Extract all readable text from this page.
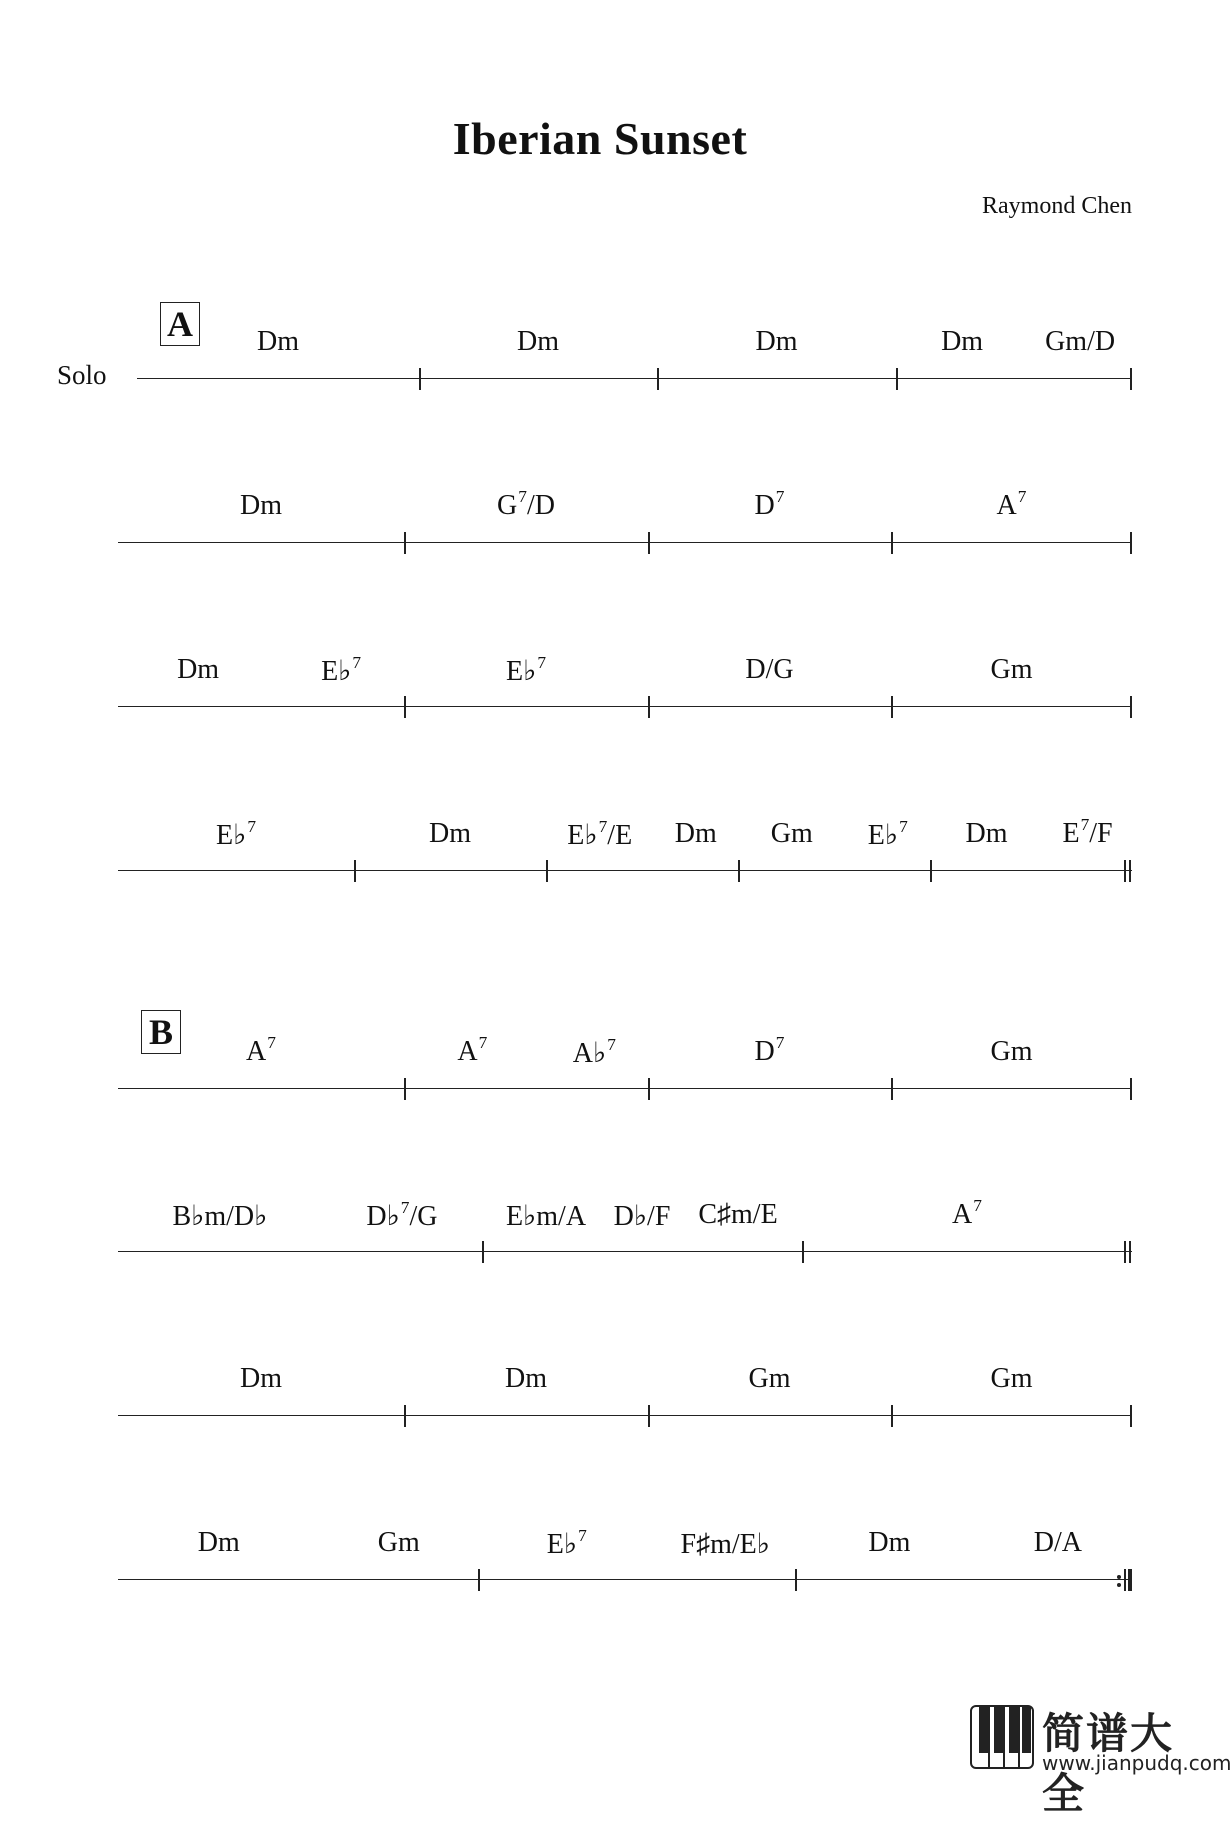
Iberian Sunset
Raymond Chen
Solo
A
B
Dm	Dm	Dm	Dm Gm/D
Dm	$G^7/D$	$D^7$	$A^7$
Dm	E♭$^7$	E♭$^7$	D/G	Gm
E♭$^7$	Dm	E♭$^7$/E Dm Gm E♭$^7$ Dm $E^7/F$
$A^7$	$A^7$	A♭$^7$	$D^7$	Gm
B♭m/D♭	D♭$^7$/G E♭m/A D♭/F C♯m/E	$A^7$
Dm	Dm	Gm	Gm
Dm	Gm	E♭$^7$	F♯m/E♭	Dm	D/A
简谱大全
www.jianpudq.com
